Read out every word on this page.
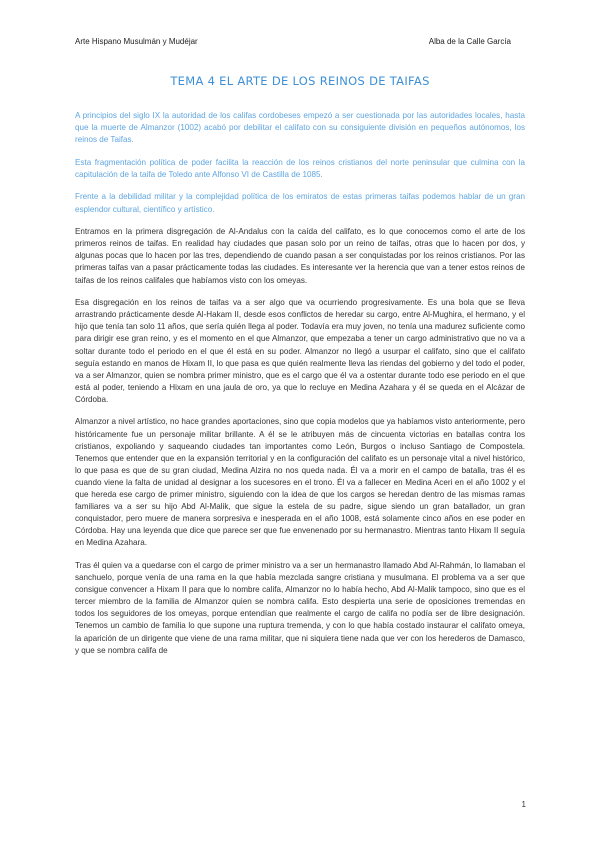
Arte Hispano Musulmán y Mudéjar	Alba de la Calle García
TEMA 4 EL ARTE DE LOS REINOS DE TAIFAS

A principios del siglo IX la autoridad de los califas cordobeses empezó a ser cuestionada por las autoridades locales, hasta que la muerte de Almanzor (1002) acabó por debilitar el califato con su consiguiente división en pequeños autónomos, los reinos de Taifas.

Esta fragmentación política de poder facilita la reacción de los reinos cristianos del norte peninsular que culmina con la capitulación de la taifa de Toledo ante Alfonso VI de Castilla de 1085.

Frente a la debilidad militar y la complejidad política de los emiratos de estas primeras taifas podemos hablar de un gran esplendor cultural, científico y artístico.

Entramos en la primera disgregación de Al-Andalus con la caída del califato, es lo que conocemos como el arte de los primeros reinos de taifas. En realidad hay ciudades que pasan solo por un reino de taifas, otras que lo hacen por dos, y algunas pocas que lo hacen por las tres, dependiendo de cuando pasan a ser conquistadas por los reinos cristianos. Por las primeras taifas van a pasar prácticamente todas las ciudades. Es interesante ver la herencia que van a tener estos reinos de taifas de los reinos califales que habíamos visto con los omeyas.

Esa disgregación en los reinos de taifas va a ser algo que va ocurriendo progresivamente. Es una bola que se lleva arrastrando prácticamente desde Al-Hakam II, desde esos conflictos de heredar su cargo, entre Al-Mughira, el hermano, y el hijo que tenía tan solo 11 años, que sería quién llega al poder. Todavía era muy joven, no tenía una madurez suficiente como para dirigir ese gran reino, y es el momento en el que Almanzor, que empezaba a tener un cargo administrativo que no va a soltar durante todo el periodo en el que él está en su poder. Almanzor no llegó a usurpar el califato, sino que el califato seguía estando en manos de Hixam II, lo que pasa es que quién realmente lleva las riendas del gobierno y del todo el poder, va a ser Almanzor, quien se nombra primer ministro, que es el cargo que él va a ostentar durante todo ese periodo en el que está al poder, teniendo a Hixam en una jaula de oro, ya que lo recluye en Medina Azahara y él se queda en el Alcázar de Córdoba.

Almanzor a nivel artístico, no hace grandes aportaciones, sino que copia modelos que ya habíamos visto anteriormente, pero históricamente fue un personaje militar brillante. A él se le atribuyen más de cincuenta victorias en batallas contra los cristianos, expoliando y saqueando ciudades tan importantes como León, Burgos o incluso Santiago de Compostela. Tenemos que entender que en la expansión territorial y en la configuración del califato es un personaje vital a nivel histórico, lo que pasa es que de su gran ciudad, Medina Alzira no nos queda nada. Él va a morir en el campo de batalla, tras él es cuando viene la falta de unidad al designar a los sucesores en el trono. Él va a fallecer en Medina Aceri en el año 1002 y el que hereda ese cargo de primer ministro, siguiendo con la idea de que los cargos se heredan dentro de las mismas ramas familiares va a ser su hijo Abd Al-Malik, que sigue la estela de su padre, sigue siendo un gran batallador, un gran conquistador, pero muere de manera sorpresiva e inesperada en el año 1008, está solamente cinco años en ese poder en Córdoba. Hay una leyenda que dice que parece ser que fue envenenado por su hermanastro. Mientras tanto Hixam II seguía en Medina Azahara.

Tras él quien va a quedarse con el cargo de primer ministro va a ser un hermanastro llamado Abd Al-Rahmán, lo llamaban el sanchuelo, porque venía de una rama en la que había mezclada sangre cristiana y musulmana. El problema va a ser que consigue convencer a Hixam II para que lo nombre califa, Almanzor no lo había hecho, Abd Al-Malik tampoco, sino que es el tercer miembro de la familia de Almanzor quien se nombra califa. Esto despierta una serie de oposiciones tremendas en todos los seguidores de los omeyas, porque entendían que realmente el cargo de califa no podía ser de libre designación. Tenemos un cambio de familia lo que supone una ruptura tremenda, y con lo que había costado instaurar el califato omeya, la aparición de un dirigente que viene de una rama militar, que ni siquiera tiene nada que ver con los herederos de Damasco, y que se nombra califa de

1
